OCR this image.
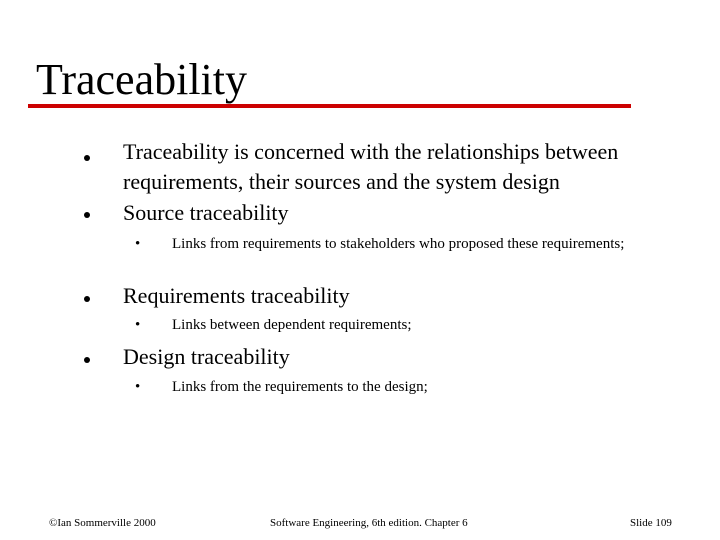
Traceability
Traceability is concerned with the relationships between requirements, their sources and the system design
Source traceability
• Links from requirements to stakeholders who proposed these requirements;
Requirements traceability
• Links between dependent requirements;
Design traceability
• Links from the requirements to the design;
©Ian Sommerville 2000	Software Engineering, 6th edition. Chapter 6	Slide 109
